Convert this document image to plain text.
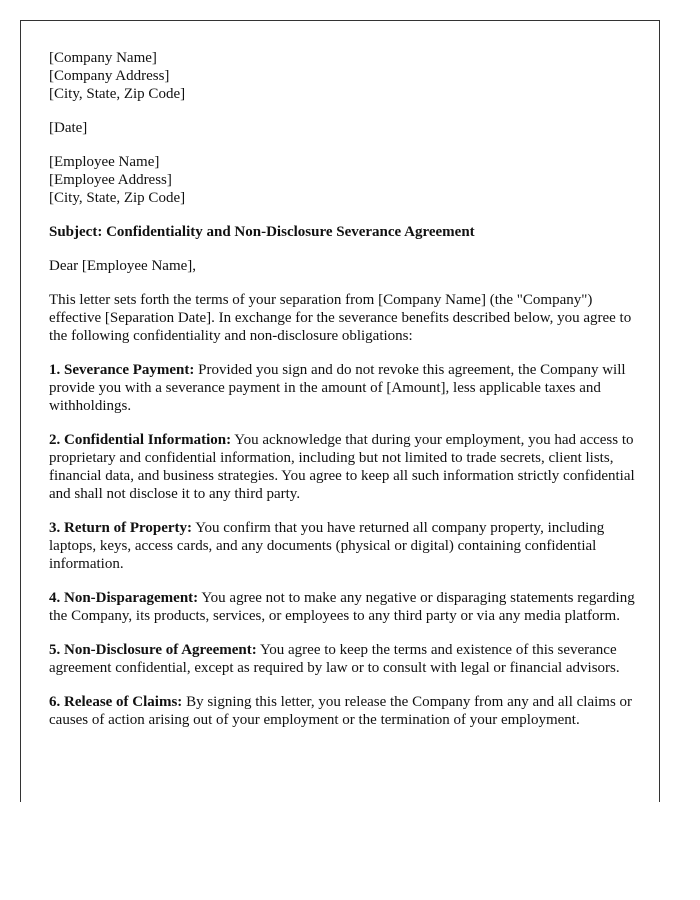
[Company Name]
[Company Address]
[City, State, Zip Code]

[Date]

[Employee Name]
[Employee Address]
[City, State, Zip Code]

Subject: Confidentiality and Non-Disclosure Severance Agreement

Dear [Employee Name],

This letter sets forth the terms of your separation from [Company Name] (the "Company") effective [Separation Date]. In exchange for the severance benefits described below, you agree to the following confidentiality and non-disclosure obligations:

1. Severance Payment: Provided you sign and do not revoke this agreement, the Company will provide you with a severance payment in the amount of [Amount], less applicable taxes and withholdings.

2. Confidential Information: You acknowledge that during your employment, you had access to proprietary and confidential information, including but not limited to trade secrets, client lists, financial data, and business strategies. You agree to keep all such information strictly confidential and shall not disclose it to any third party.

3. Return of Property: You confirm that you have returned all company property, including laptops, keys, access cards, and any documents (physical or digital) containing confidential information.

4. Non-Disparagement: You agree not to make any negative or disparaging statements regarding the Company, its products, services, or employees to any third party or via any media platform.

5. Non-Disclosure of Agreement: You agree to keep the terms and existence of this severance agreement confidential, except as required by law or to consult with legal or financial advisors.

6. Release of Claims: By signing this letter, you release the Company from any and all claims or causes of action arising out of your employment or the termination of your employment.
